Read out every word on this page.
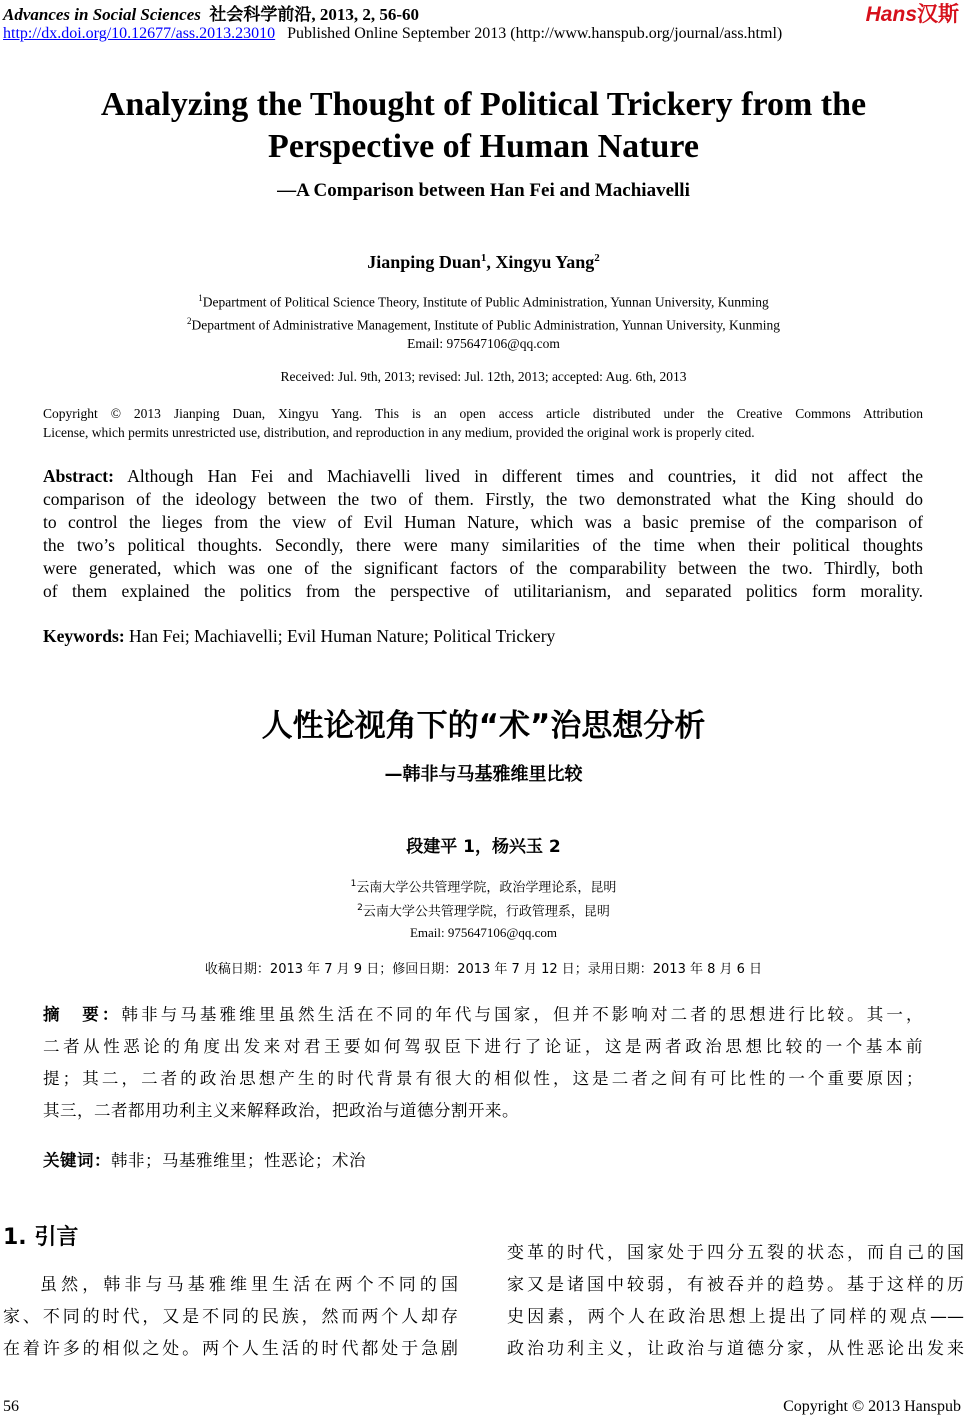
Advances in Social Sciences 社会科学前沿, 2013, 2, 56-60
http://dx.doi.org/10.12677/ass.2013.23010 Published Online September 2013 (http://www.hanspub.org/journal/ass.html)
Hans汉斯
Analyzing the Thought of Political Trickery from the
Perspective of Human Nature
—A Comparison between Han Fei and Machiavelli
Jianping Duan$^1$, Xingyu Yang$^2$
$^1$Department of Political Science Theory, Institute of Public Administration, Yunnan University, Kunming
$^2$Department of Administrative Management, Institute of Public Administration, Yunnan University, Kunming
Email: 975647106@qq.com
Received: Jul. 9th, 2013; revised: Jul. 12th, 2013; accepted: Aug. 6th, 2013
Copyright © 2013 Jianping Duan, Xingyu Yang. This is an open access article distributed under the Creative Commons Attribution
License, which permits unrestricted use, distribution, and reproduction in any medium, provided the original work is properly cited.
Abstract: Although Han Fei and Machiavelli lived in different times and countries, it did not affect the
comparison of the ideology between the two of them. Firstly, the two demonstrated what the King should do
to control the lieges from the view of Evil Human Nature, which was a basic premise of the comparison of
the two’s political thoughts. Secondly, there were many similarities of the time when their political thoughts
were generated, which was one of the significant factors of the comparability between the two. Thirdly, both
of them explained the politics from the perspective of utilitarianism, and separated politics form morality.
Keywords: Han Fei; Machiavelli; Evil Human Nature; Political Trickery
人性论视角下的“术”治思想分析
—韩非与马基雅维里比较
段建平 1，杨兴玉 2
$^1$云南大学公共管理学院，政治学理论系，昆明
$^2$云南大学公共管理学院，行政管理系，昆明
Email: 975647106@qq.com
收稿日期：2013 年 7 月 9 日；修回日期：2013 年 7 月 12 日；录用日期：2013 年 8 月 6 日
摘　要：韩非与马基雅维里虽然生活在不同的年代与国家，但并不影响对二者的思想进行比较。其一，
二者从性恶论的角度出发来对君王要如何驾驭臣下进行了论证，这是两者政治思想比较的一个基本前
提；其二，二者的政治思想产生的时代背景有很大的相似性，这是二者之间有可比性的一个重要原因；
其三，二者都用功利主义来解释政治，把政治与道德分割开来。
关键词：韩非；马基雅维里；性恶论；术治
1. 引言
虽然，韩非与马基雅维里生活在两个不同的国
家、不同的时代，又是不同的民族，然而两个人却存
在着许多的相似之处。两个人生活的时代都处于急剧
变革的时代，国家处于四分五裂的状态，而自己的国
家又是诸国中较弱，有被吞并的趋势。基于这样的历
史因素，两个人在政治思想上提出了同样的观点——
政治功利主义，让政治与道德分家，从性恶论出发来
56	Copyright © 2013 Hanspub
